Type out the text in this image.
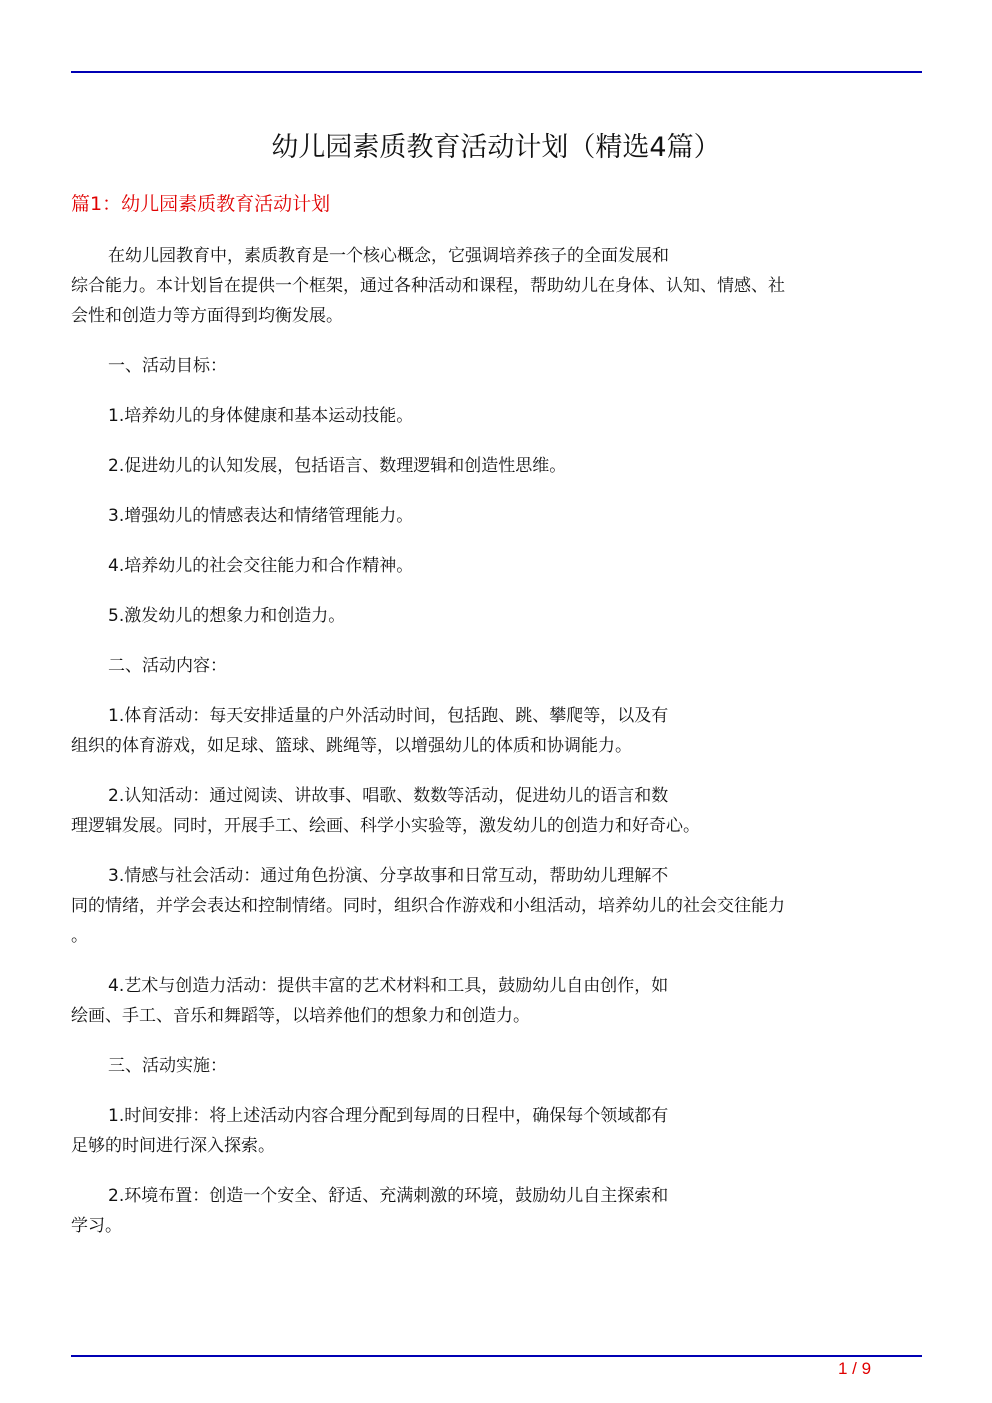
幼儿园素质教育活动计划（精选4篇）
篇1：幼儿园素质教育活动计划
在幼儿园教育中，素质教育是一个核心概念，它强调培养孩子的全面发展和
综合能力。本计划旨在提供一个框架，通过各种活动和课程，帮助幼儿在身体、认知、情感、社
会性和创造力等方面得到均衡发展。
一、活动目标：
1.培养幼儿的身体健康和基本运动技能。
2.促进幼儿的认知发展，包括语言、数理逻辑和创造性思维。
3.增强幼儿的情感表达和情绪管理能力。
4.培养幼儿的社会交往能力和合作精神。
5.激发幼儿的想象力和创造力。
二、活动内容：
1.体育活动：每天安排适量的户外活动时间，包括跑、跳、攀爬等，以及有
组织的体育游戏，如足球、篮球、跳绳等，以增强幼儿的体质和协调能力。
2.认知活动：通过阅读、讲故事、唱歌、数数等活动，促进幼儿的语言和数
理逻辑发展。同时，开展手工、绘画、科学小实验等，激发幼儿的创造力和好奇心。
3.情感与社会活动：通过角色扮演、分享故事和日常互动，帮助幼儿理解不
同的情绪，并学会表达和控制情绪。同时，组织合作游戏和小组活动，培养幼儿的社会交往能力
。
4.艺术与创造力活动：提供丰富的艺术材料和工具，鼓励幼儿自由创作，如
绘画、手工、音乐和舞蹈等，以培养他们的想象力和创造力。
三、活动实施：
1.时间安排：将上述活动内容合理分配到每周的日程中，确保每个领域都有
足够的时间进行深入探索。
2.环境布置：创造一个安全、舒适、充满刺激的环境，鼓励幼儿自主探索和
学习。
1 / 9
